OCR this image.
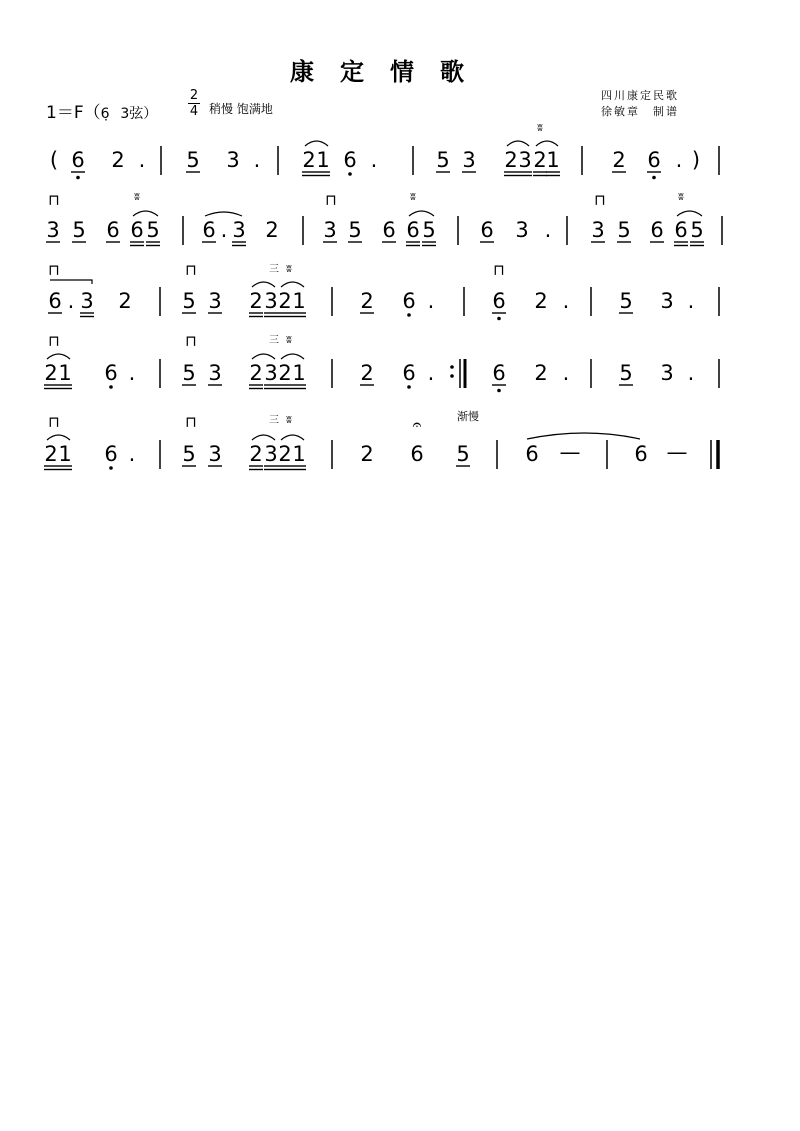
康定情歌
1＝F（6̣ 3弦）
2
4 稍慢 饱满地
四川康定民歌
徐敏章　制谱
( 6 2 . 5 3 . 2 1 6 .	5 3 2 3 2 1
ʬ
2 6 . )
⊓	⊓	⊓
3 5 6 6 5
ʬ
6 . 3 2 3 5 6 6 5
ʬ
6 3 . 3 5 6 6 5
ʬ
⊓	⊓	⊓
6 . 3 2 5 3 2 3 2 1
三 ʬ
2 6 .	6 2 . 5 3 .
⊓	⊓
2 1 6 . 5 3 2 3 2 1
三 ʬ
2 6 .	6 2 . 5 3 .
⊓	⊓
2 1 6 . 5 3 2 3 2 1
三 ʬ
2 6
𝄐
5
渐慢
6 —	6 —
